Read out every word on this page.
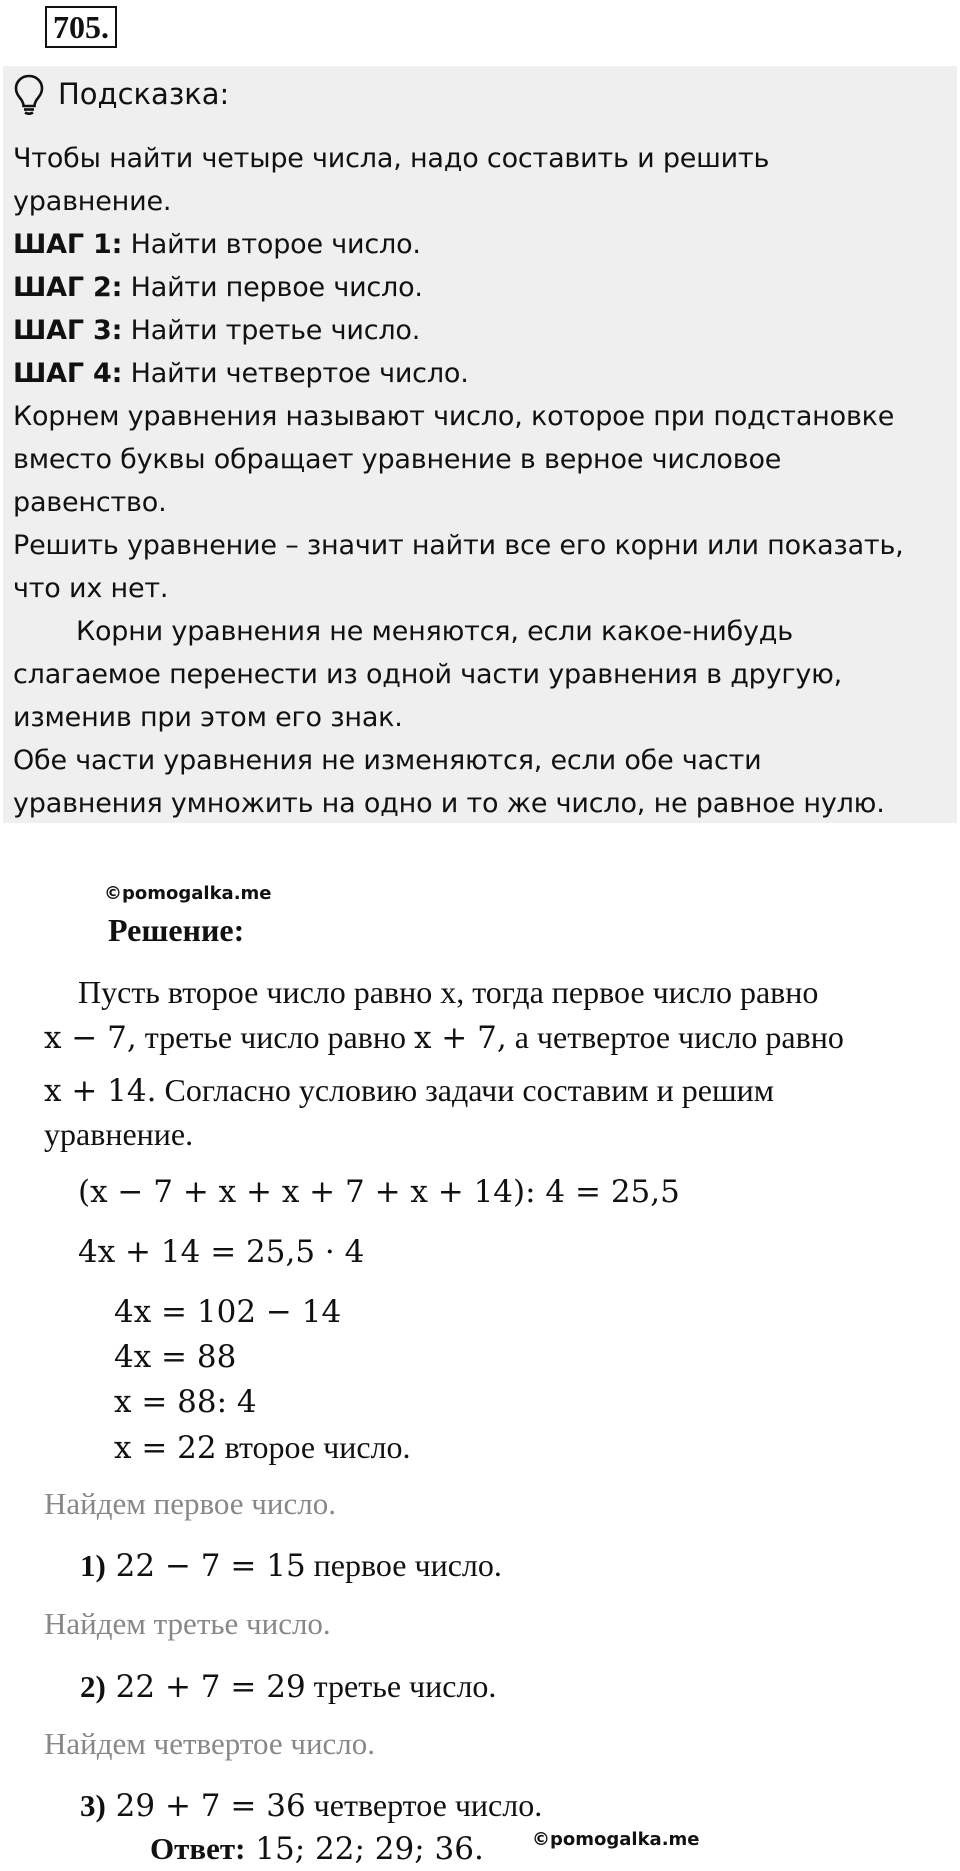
705.
Подсказка:
Чтобы найти четыре числа, надо составить и решить
уравнение.
ШАГ 1: Найти второе число.
ШАГ 2: Найти первое число.
ШАГ 3: Найти третье число.
ШАГ 4: Найти четвертое число.
Корнем уравнения называют число, которое при подстановке
вместо буквы обращает уравнение в верное числовое
равенство.
Решить уравнение – значит найти все его корни или показать,
что их нет.
Корни уравнения не меняются, если какое-нибудь
слагаемое перенести из одной части уравнения в другую,
изменив при этом его знак.
Обе части уравнения не изменяются, если обе части
уравнения умножить на одно и то же число, не равное нулю.
©pomogalka.me
Решение:
Пусть второе число равно x, тогда первое число равно
x − 7, третье число равно x + 7, а четвертое число равно
x + 14. Согласно условию задачи составим и решим
уравнение.
(x − 7 + x + x + 7 + x + 14): 4 = 25,5
4x + 14 = 25,5 · 4
4x = 102 − 14
4x = 88
x = 88: 4
x = 22 второе число.
Найдем первое число.
1) 22 − 7 = 15 первое число.
Найдем третье число.
2) 22 + 7 = 29 третье число.
Найдем четвертое число.
3) 29 + 7 = 36 четвертое число.
Ответ: 15; 22; 29; 36.	©pomogalka.me
